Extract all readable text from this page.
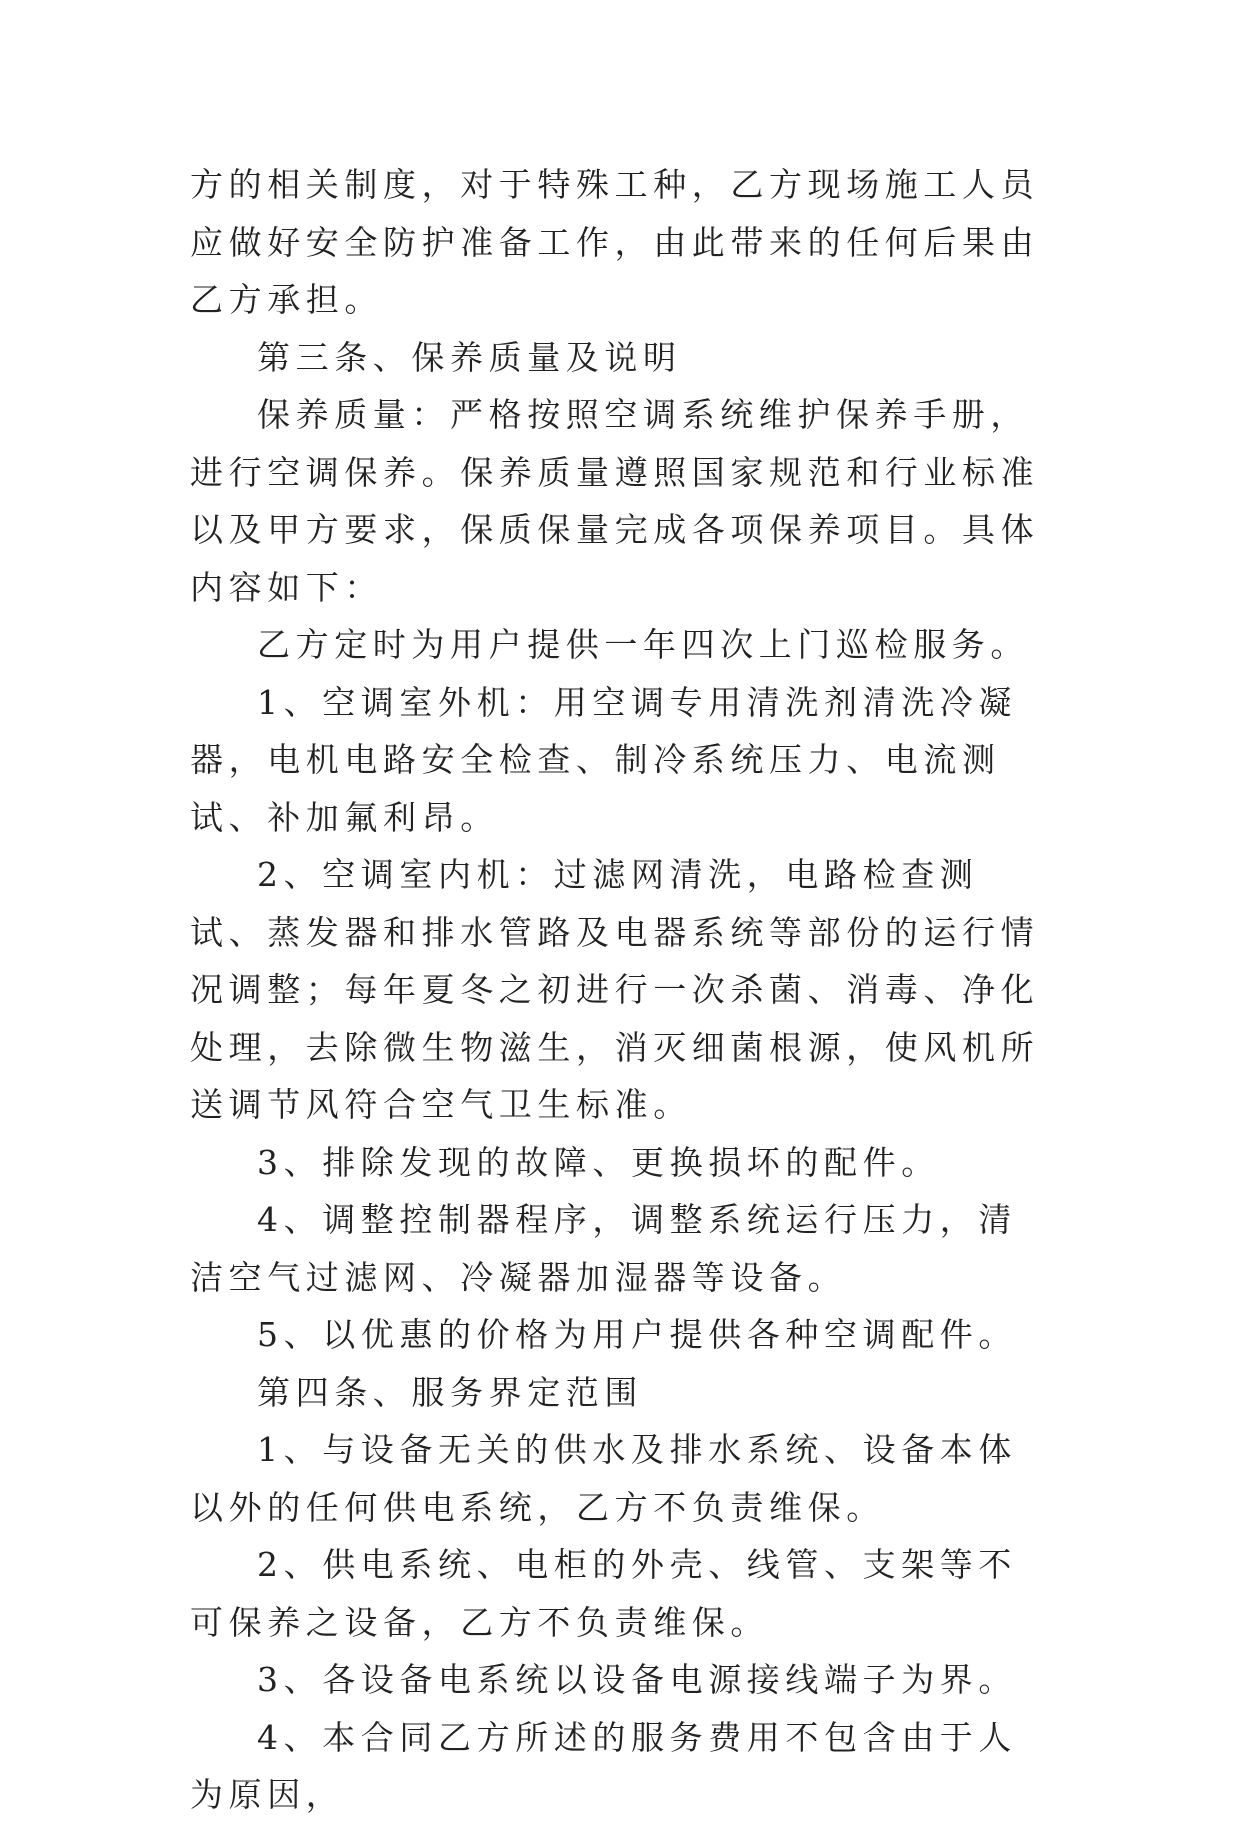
方的相关制度，对于特殊工种，乙方现场施工人员应做好安全防护准备工作，由此带来的任何后果由乙方承担。

第三条、保养质量及说明

保养质量：严格按照空调系统维护保养手册，进行空调保养。保养质量遵照国家规范和行业标准以及甲方要求，保质保量完成各项保养项目。具体内容如下：

乙方定时为用户提供一年四次上门巡检服务。

1、空调室外机：用空调专用清洗剂清洗冷凝器，电机电路安全检查、制冷系统压力、电流测试、补加氟利昂。

2、空调室内机：过滤网清洗，电路检查测试、蒸发器和排水管路及电器系统等部份的运行情况调整；每年夏冬之初进行一次杀菌、消毒、净化处理，去除微生物滋生，消灭细菌根源，使风机所送调节风符合空气卫生标准。

3、排除发现的故障、更换损坏的配件。

4、调整控制器程序，调整系统运行压力，清洁空气过滤网、冷凝器加湿器等设备。

5、以优惠的价格为用户提供各种空调配件。

第四条、服务界定范围

1、与设备无关的供水及排水系统、设备本体以外的任何供电系统，乙方不负责维保。

2、供电系统、电柜的外壳、线管、支架等不可保养之设备，乙方不负责维保。

3、各设备电系统以设备电源接线端子为界。

4、本合同乙方所述的服务费用不包含由于人为原因，
